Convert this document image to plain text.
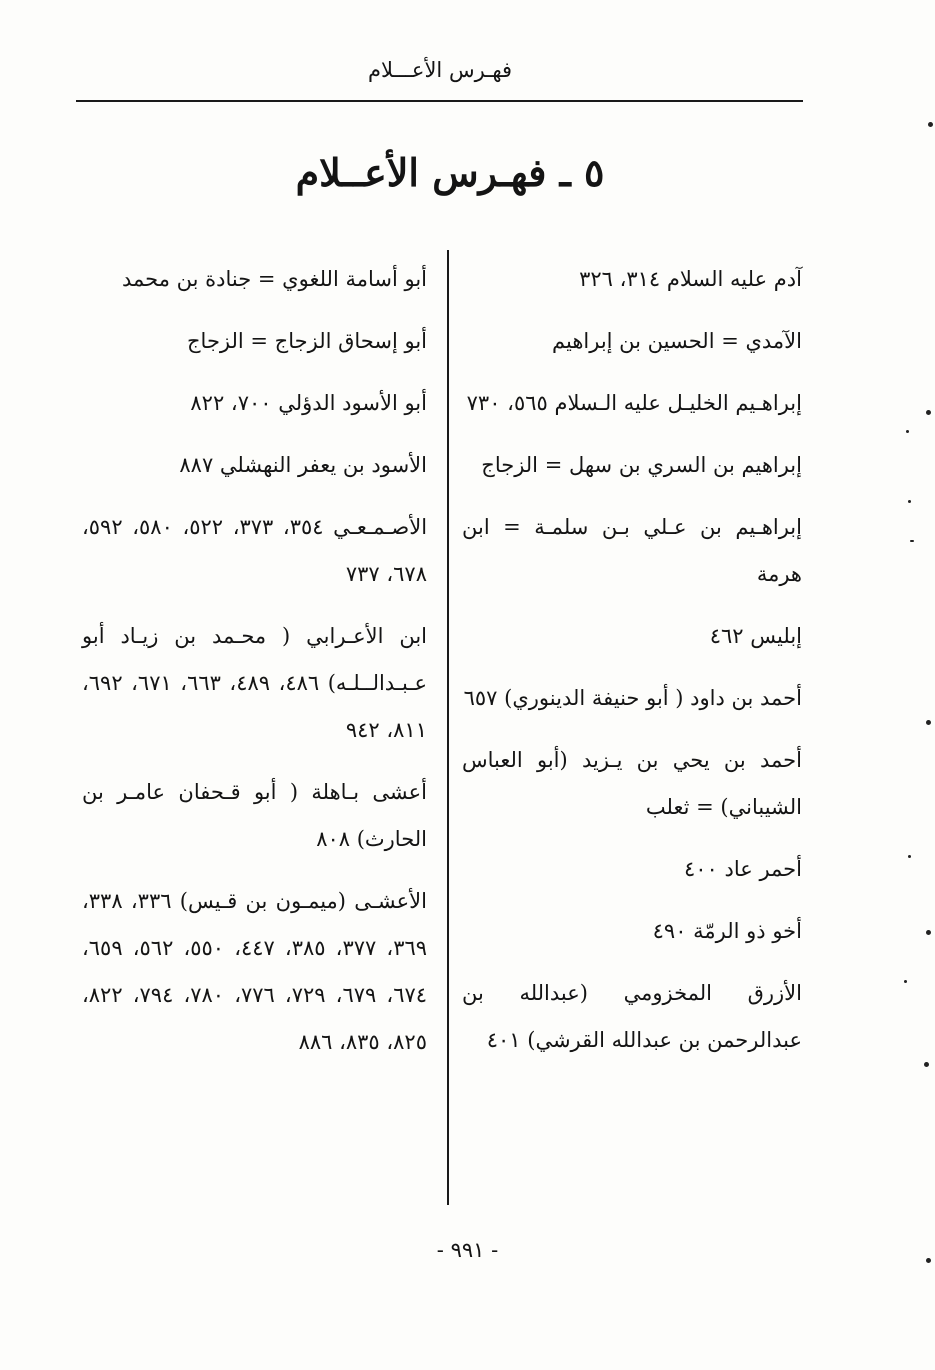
فهـرس الأعـــلام
٥ ـ فهـرس الأعــلام
آدم عليه السلام ٣١٤، ٣٢٦
الآمدي = الحسين بن إبراهيم
إبراهـيم الخليـل عليه الـسلام ٥٦٥، ٧٣٠
إبراهيم بن السري بن سهل = الزجاج
إبراهـيم بن عـلي بـن سلمـة = ابن هرمة
إبليس ٤٦٢
أحمد بن داود ( أبو حنيفة الدينوري) ٦٥٧
أحمد بن يحي بن يـزيد (أبو العباس الشيباني) = ثعلب
أحمر عاد ٤٠٠
أخو ذو الرمّة ٤٩٠
الأزرق المخزومي (عبدالله بن عبدالرحمن بن عبدالله القرشي) ٤٠١
أبو أسامة اللغوي = جنادة بن محمد
أبو إسحاق الزجاج = الزجاج
أبو الأسود الدؤلي ٧٠٠، ٨٢٢
الأسود بن يعفر النهشلي ٨٨٧
الأصـمـعـي ٣٥٤، ٣٧٣، ٥٢٢، ٥٨٠، ٥٩٢، ٦٧٨، ٧٣٧
ابن الأعـرابي ( محـمد بن زيـاد أبو عـبـدالــلـه) ٤٨٦، ٤٨٩، ٦٦٣، ٦٧١، ٦٩٢، ٨١١، ٩٤٢
أعشى بـاهلة ( أبو قـحفان عامـر بن الحارث) ٨٠٨
الأعشـى (ميمـون بن قـيس) ٣٣٦، ٣٣٨، ٣٦٩، ٣٧٧، ٣٨٥، ٤٤٧، ٥٥٠، ٥٦٢، ٦٥٩، ٦٧٤، ٦٧٩، ٧٢٩، ٧٧٦، ٧٨٠، ٧٩٤، ٨٢٢، ٨٢٥، ٨٣٥، ٨٨٦
- ٩٩١ -
